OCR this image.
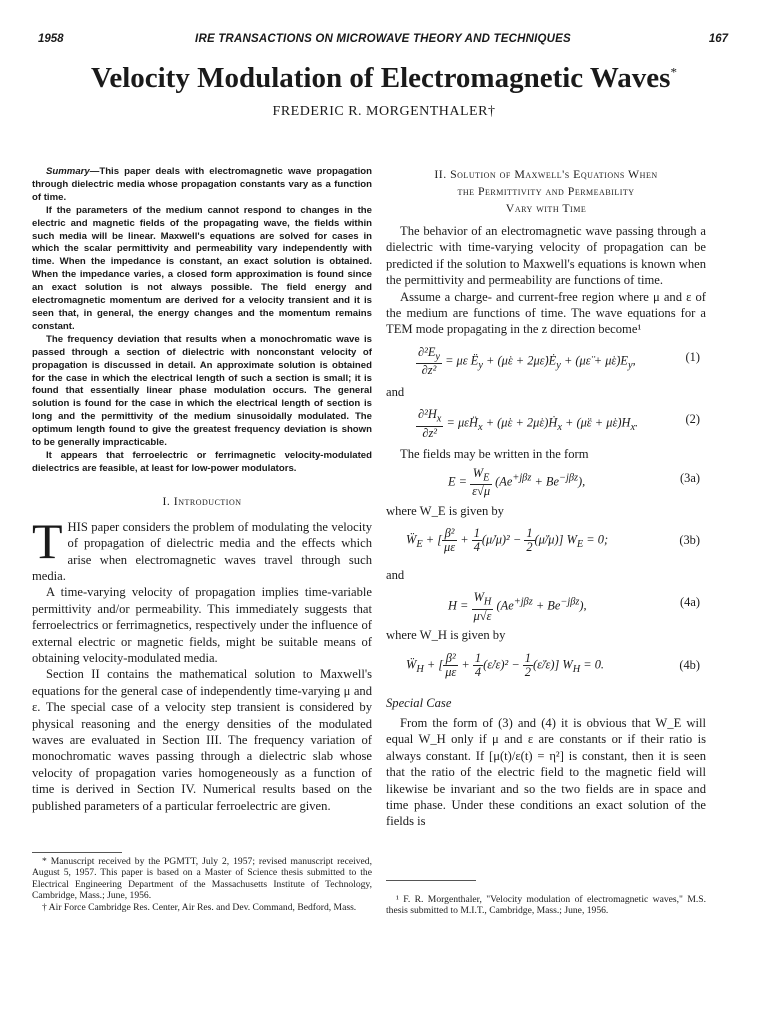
1958	IRE TRANSACTIONS ON MICROWAVE THEORY AND TECHNIQUES	167
Velocity Modulation of Electromagnetic Waves*
FREDERIC R. MORGENTHALER†

Summary—This paper deals with electromagnetic wave propagation through dielectric media whose propagation constants vary as a function of time.

If the parameters of the medium cannot respond to changes in the electric and magnetic fields of the propagating wave, the fields within such media will be linear. Maxwell's equations are solved for cases in which the scalar permittivity and permeability vary independently with time. When the impedance is constant, an exact solution is obtained. When the impedance varies, a closed form approximation is found since an exact solution is not always possible. The field energy and electromagnetic momentum are derived for a velocity transient and it is seen that, in general, the energy changes and the momentum remains constant.

The frequency deviation that results when a monochromatic wave is passed through a section of dielectric with nonconstant velocity of propagation is discussed in detail. An approximate solution is obtained for the case in which the electrical length of such a section is small; it is found that essentially linear phase modulation occurs. The general solution is found for the case in which the electrical length of section is long and the permittivity of the medium sinusoidally modulated. The optimum length found to give the greatest frequency deviation is shown to be generally impracticable.

It appears that ferroelectric or ferrimagnetic velocity-modulated dielectrics are feasible, at least for low-power modulators.

I. Introduction

THIS paper considers the problem of modulating the velocity of propagation of dielectric media and the effects which arise when electromagnetic waves travel through such media.

A time-varying velocity of propagation implies time-variable permittivity and/or permeability. This immediately suggests that ferroelectrics or ferrimagnetics, respectively under the influence of external electric or magnetic fields, might be suitable means of obtaining velocity-modulated media.

Section II contains the mathematical solution to Maxwell's equations for the general case of independently time-varying μ and ε. The special case of a velocity step transient is considered by physical reasoning and the energy densities of the modulated waves are evaluated in Section III. The frequency variation of monochromatic waves passing through a dielectric slab whose velocity of propagation varies homogeneously as a function of time is derived in Section IV. Numerical results based on the published parameters of a particular ferroelectric are given.

* Manuscript received by the PGMTT, July 2, 1957; revised manuscript received, August 5, 1957. This paper is based on a Master of Science thesis submitted to the Electrical Engineering Department of the Massachusetts Institute of Technology, Cambridge, Mass.; June, 1956.

† Air Force Cambridge Res. Center, Air Res. and Dev. Command, Bedford, Mass.

II. Solution of Maxwell's Equations When
the Permittivity and Permeability
Vary with Time

The behavior of an electromagnetic wave passing through a dielectric with time-varying velocity of propagation can be predicted if the solution to Maxwell's equations is known when the permittivity and permeability are functions of time.

Assume a charge- and current-free region where μ and ε of the medium are functions of time. The wave equations for a TEM mode propagating in the z direction become¹

$\frac{\partial^2E_y}{\text{∂z²}} = \mu\varepsilon$ $Ë_y$ + (μ̇ε + $2\mu\varepsiloṅ)Ė_y$ + (με̈ + $\mu̇\varepsiloṅ)E_y$,	(1)

and

$\frac{\partial^2H_x}{\text{∂z²}}$ = μεḦ$_x$ + (μ̇ε + 2μ̇ε)Ḣ$_x$ + (μ̈ε + $\mu̇\varepsiloṅ)H_x$.	(2)

The fields may be written in the form

$E = \frac{W_E}{\varepsilon√\mu} (Ae^{+j\beta z} + Be^{-j\beta z})$,	(3a)

where W_E is given by

Ẅ$_E$ + [ $\frac{\text{β²}}{\mu\varepsilon} + \frac{1}{4}$ (μ̇/μ)² − $\frac{1}{2}$ (μ̈/μ)] $W_E = 0$;	(3b)

and

$H = \frac{W_H}{\mu√\varepsilon} (Ae^{+j\beta z} + Be^{-j\beta z})$,	(4a)

where W_H is given by

Ẅ$_H$ + [ $\frac{\text{β²}}{\mu\varepsilon} + \frac{1}{4}$ (ε̇/ε)² − $\frac{1}{2}$ (ε̈/ε)] $W_H = 0$.	(4b)

Special Case

From the form of (3) and (4) it is obvious that W_E will equal W_H only if μ and ε are constants or if their ratio is always constant. If [μ(t)/ε(t) = η²] is constant, then it is seen that the ratio of the electric field to the magnetic field will likewise be invariant and so the two fields are in space and time phase. Under these conditions an exact solution of the fields is

¹ F. R. Morgenthaler, "Velocity modulation of electromagnetic waves," M.S. thesis submitted to M.I.T., Cambridge, Mass.; June, 1956.
